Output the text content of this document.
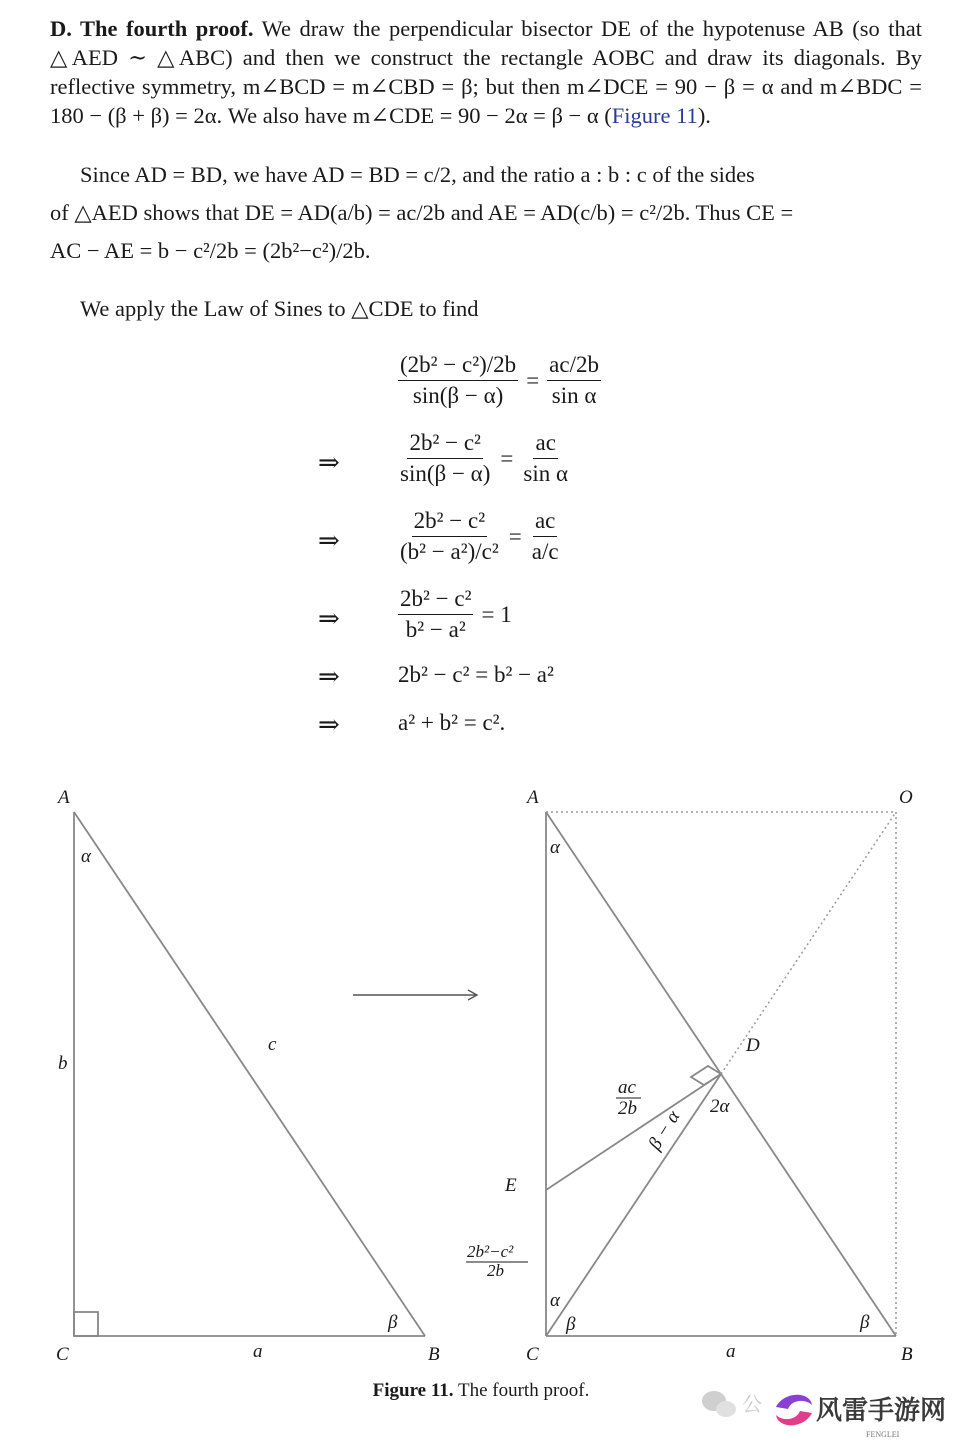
D. The fourth proof. We draw the perpendicular bisector DE of the hypotenuse AB (so that △AED ∼ △ABC) and then we construct the rectangle AOBC and draw its diagonals. By reflective symmetry, m∠BCD = m∠CBD = β; but then m∠DCE = 90 − β = α and m∠BDC = 180 − (β + β) = 2α. We also have m∠CDE = 90 − 2α = β − α (Figure 11).
Since AD = BD, we have AD = BD = c/2, and the ratio a : b : c of the sides
of △AED shows that DE = AD(a/b) = ac/2b and AE = AD(c/b) = c²/2b. Thus CE =
AC − AE = b − c²/2b = (2b²−c²)/2b.
We apply the Law of Sines to △CDE to find
$\frac{\text{(2b² − c²)/2b}}{\sin(\beta - \alpha)} = \frac{ac/2b}{\text{sin α}}$
⇒	$\frac{\text{2b² − c²}}{\sin(\beta - \alpha)} = \frac{ac}{\text{sin α}}$
⇒	$\frac{\text{2b² − c²}}{\text{(b² − a²)/c²}} = \frac{ac}{a/c}$
⇒	$\frac{\text{2b² − c²}}{\text{b² − a²}} = 1$
⇒	2b² − c² = b² − a²
⇒	a² + b² = c².
A
α
b
c
β
C	a	B
A	O
α
D
2α
β − α
E
ac
2b
2b²−c²
2b
α
β	β
C	a	B
Figure 11. The fourth proof.
公 风雷手游网
FENGLEI
